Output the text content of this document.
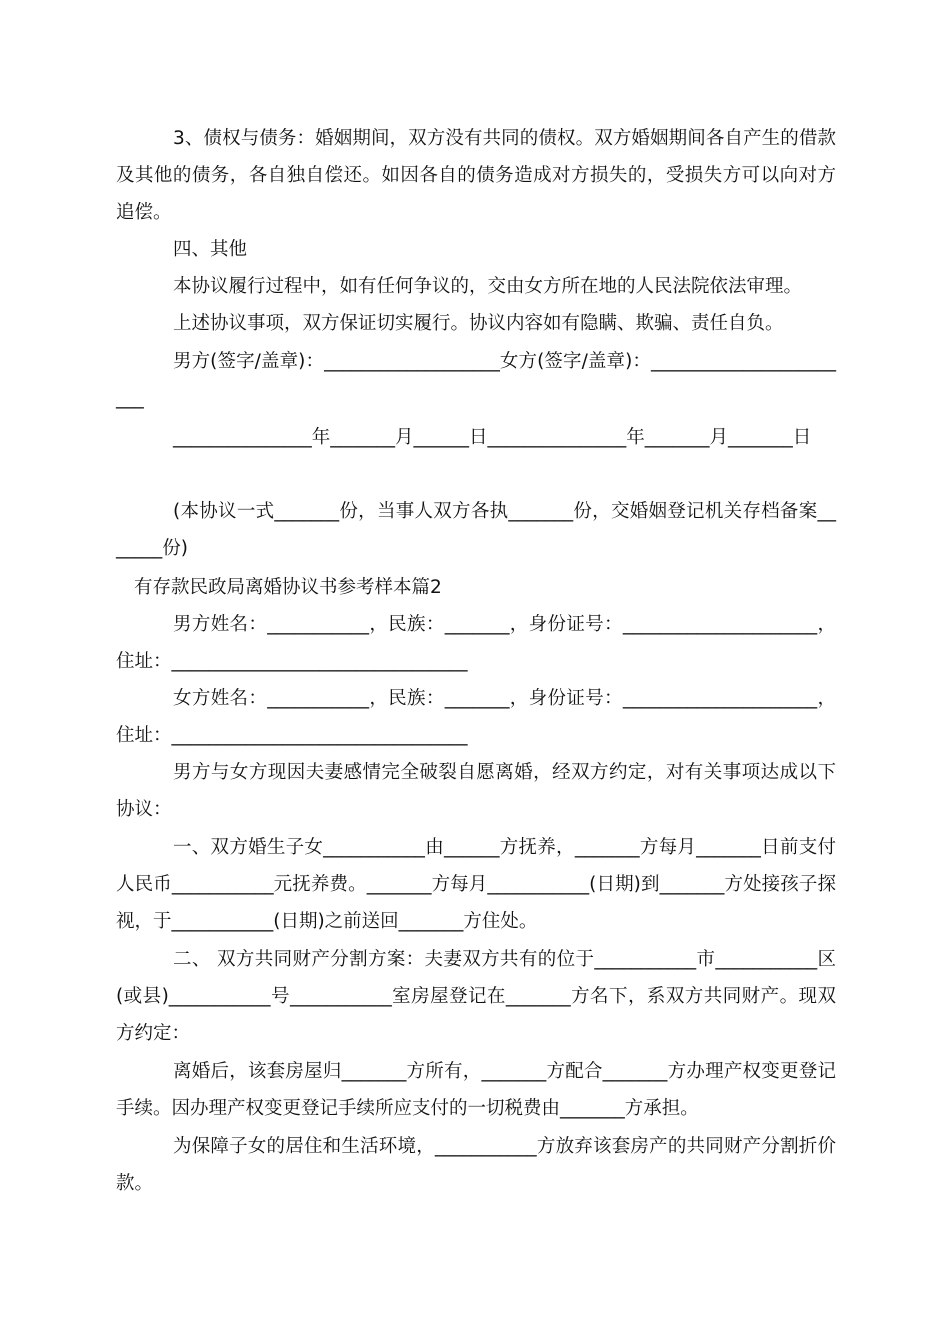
3、债权与债务：婚姻期间，双方没有共同的债权。双方婚姻期间各自产生的借款及其他的债务，各自独自偿还。如因各自的债务造成对方损失的，受损失方可以向对方追偿。

四、其他

本协议履行过程中，如有任何争议的，交由女方所在地的人民法院依法审理。

上述协议事项，双方保证切实履行。协议内容如有隐瞒、欺骗、责任自负。

男方(签字/盖章)：___________________女方(签字/盖章)：_______________________

_______________年_______月______日_______________年_______月_______日

(本协议一式_______份，当事人双方各执_______份，交婚姻登记机关存档备案_______份)

有存款民政局离婚协议书参考样本篇2

男方姓名：___________，民族：_______，身份证号：_____________________，住址：________________________________

女方姓名：___________，民族：_______，身份证号：_____________________，住址：________________________________

男方与女方现因夫妻感情完全破裂自愿离婚，经双方约定，对有关事项达成以下协议：

一、双方婚生子女___________由______方抚养，_______方每月_______日前支付人民币___________元抚养费。_______方每月___________(日期)到_______方处接孩子探视，于___________(日期)之前送回_______方住处。

二、 双方共同财产分割方案：夫妻双方共有的位于___________市___________区(或县)___________号___________室房屋登记在_______方名下，系双方共同财产。现双方约定：

离婚后，该套房屋归_______方所有，_______方配合_______方办理产权变更登记手续。因办理产权变更登记手续所应支付的一切税费由_______方承担。

为保障子女的居住和生活环境，___________方放弃该套房产的共同财产分割折价款。
